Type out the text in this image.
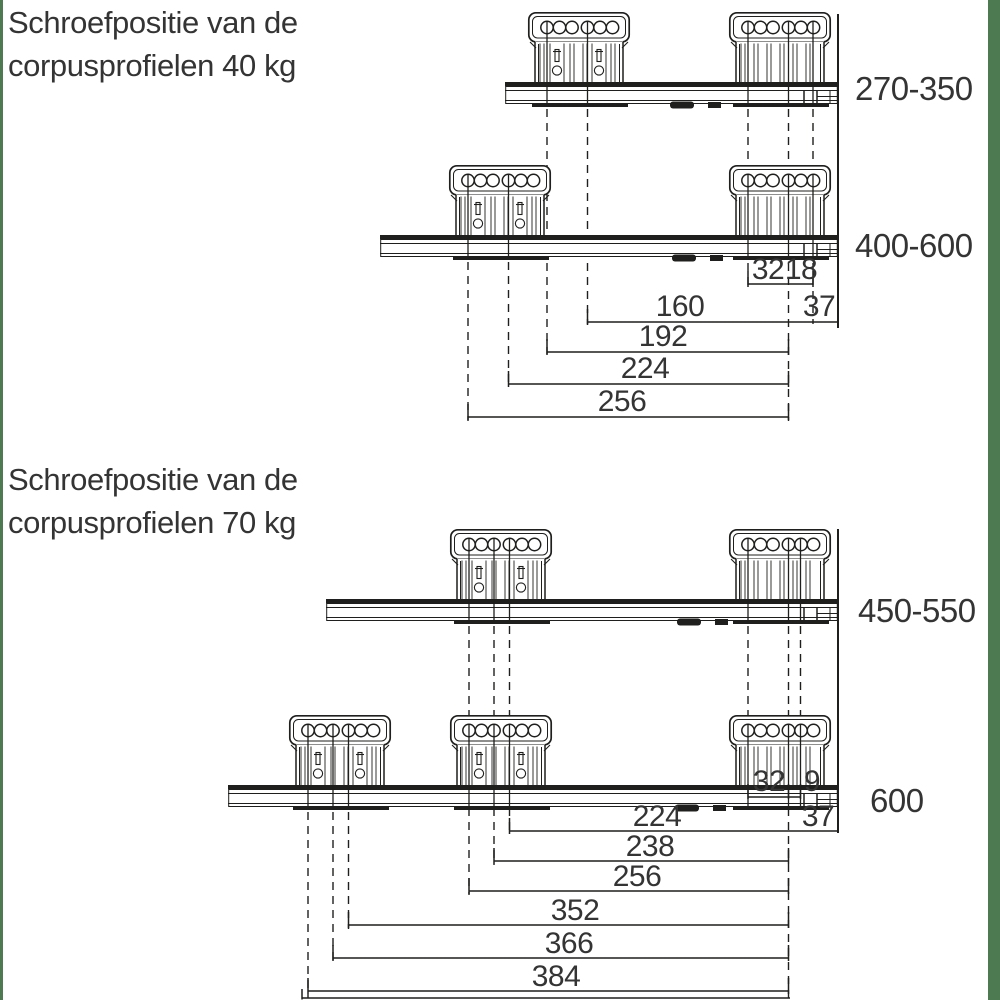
Schroefpositie van de
corpusprofielen 40 kg
270-350
400-600
32 18
37
160
192
224
256
Schroefpositie van de
corpusprofielen 70 kg
450-550
600
32 9
37
224
238
256
352
366
384
